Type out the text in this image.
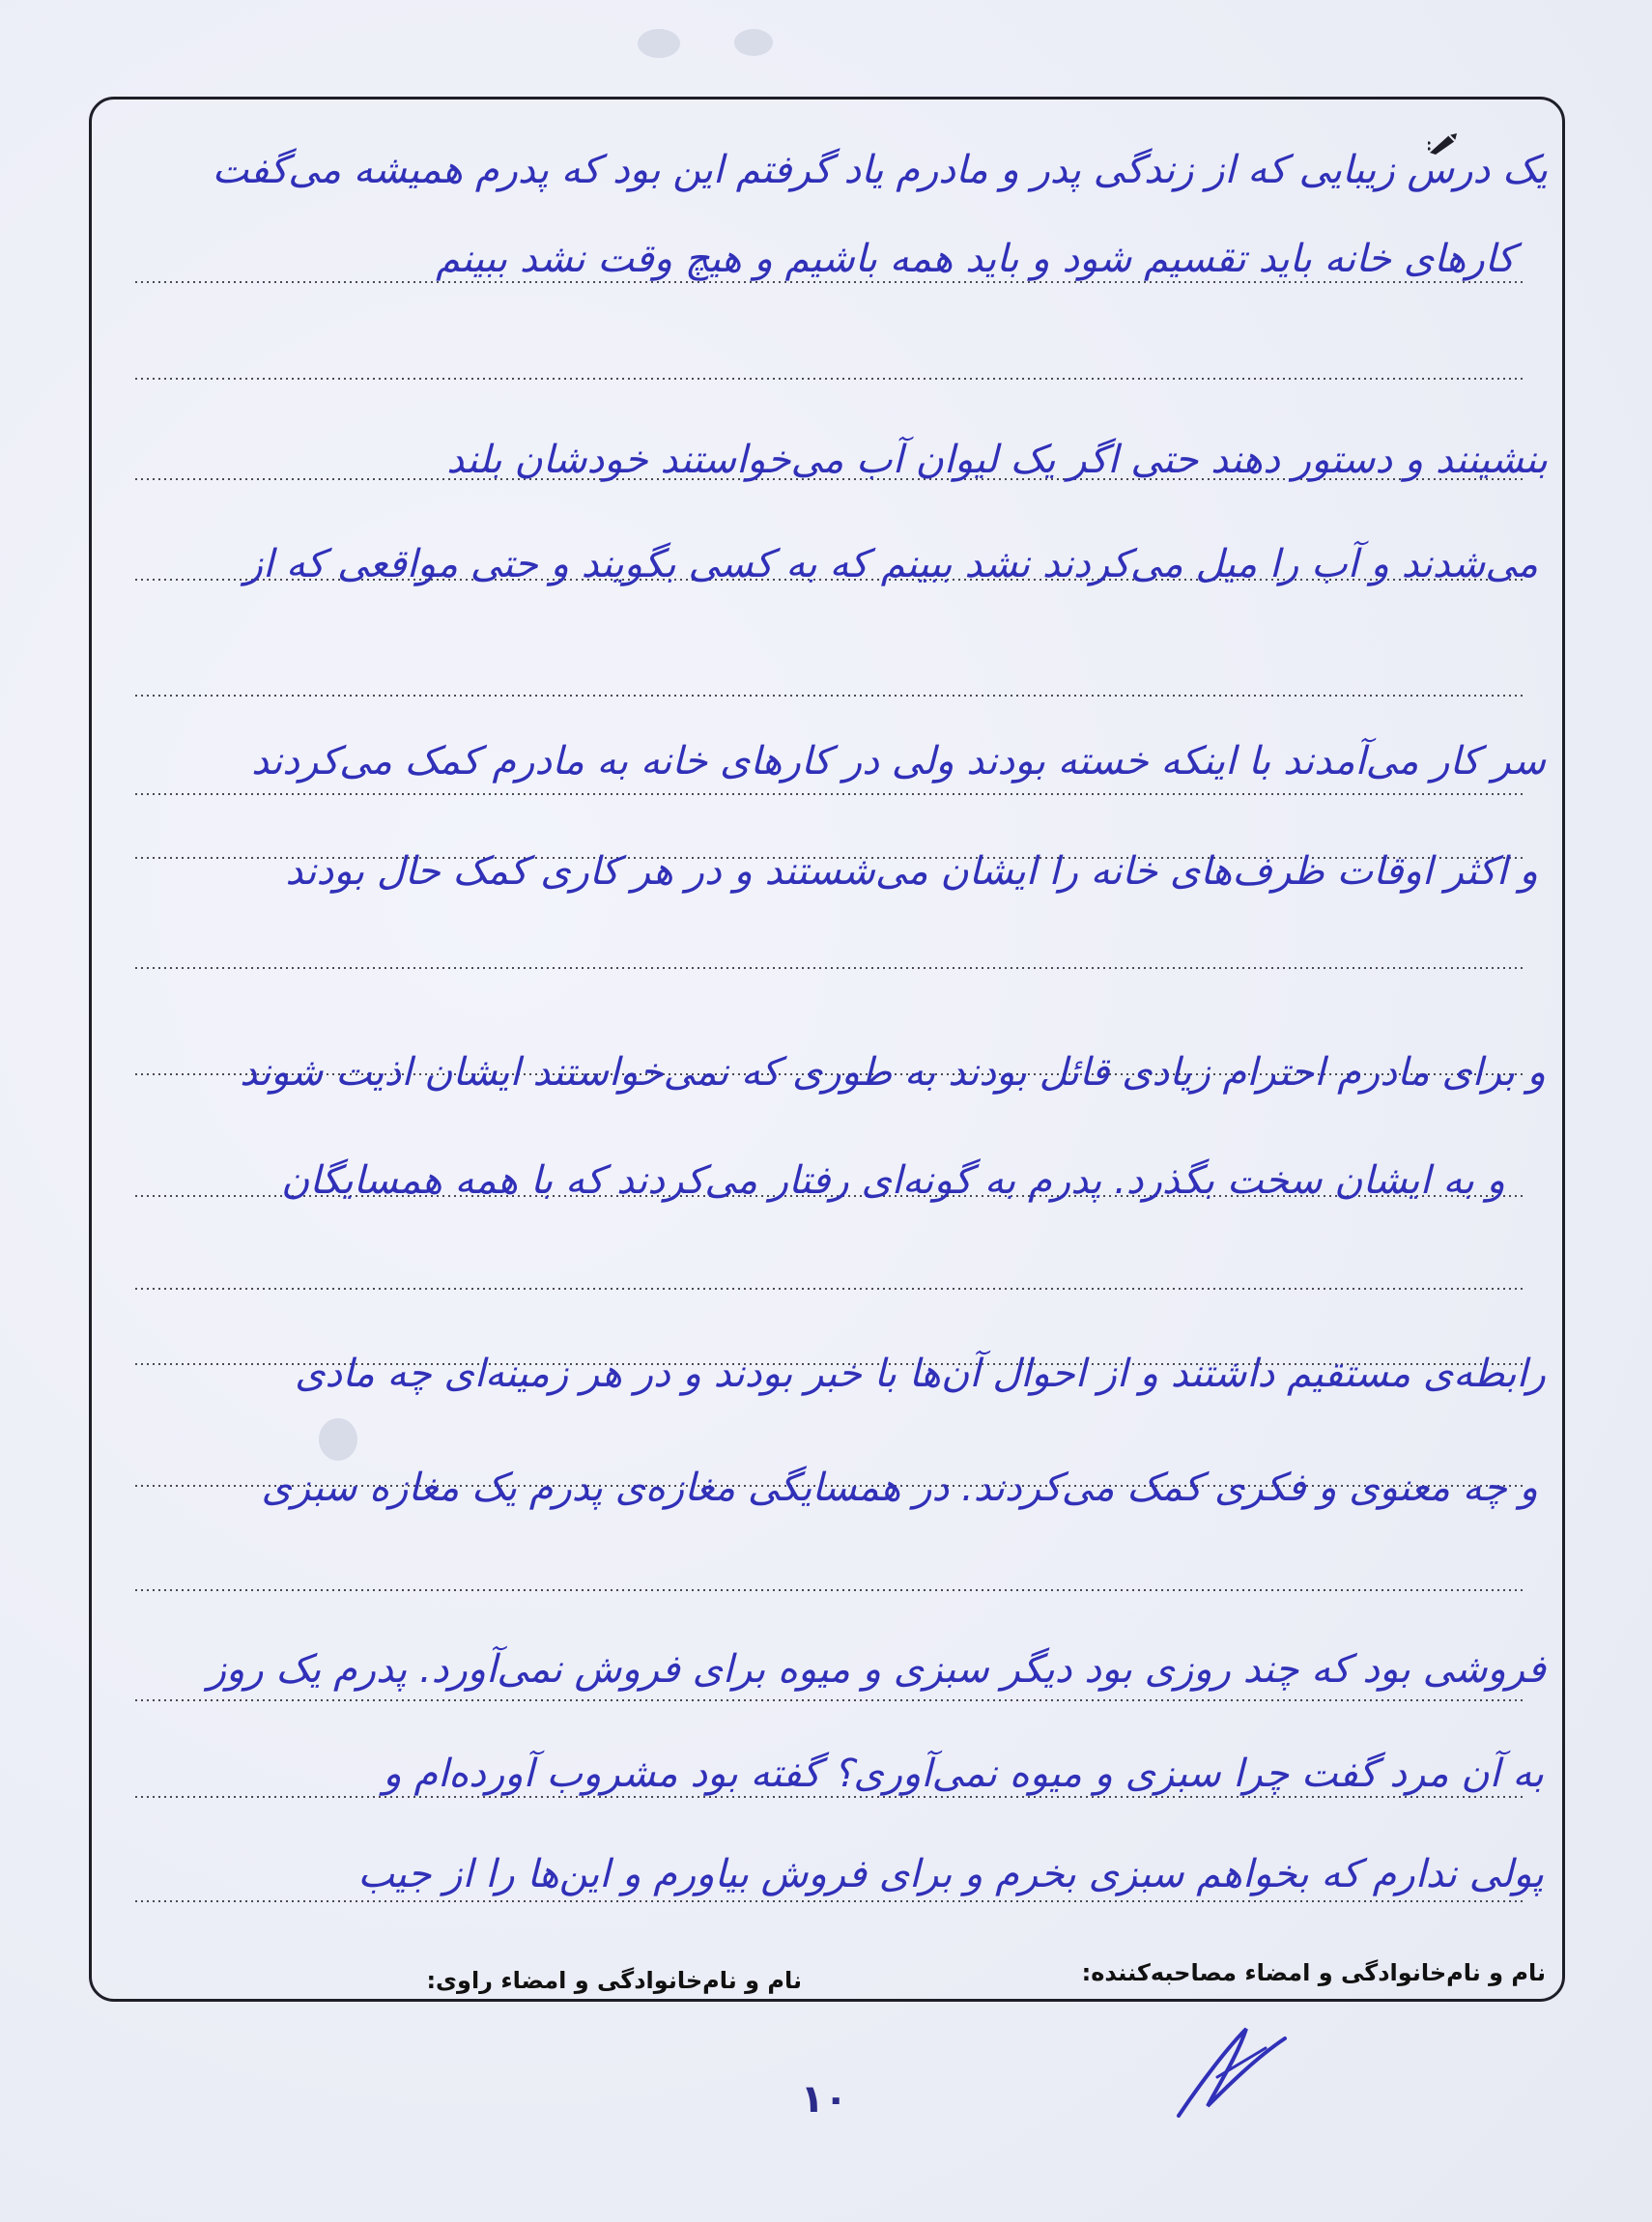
یک درس زیبایی که از زندگی پدر و مادرم یاد گرفتم این بود که پدرم همیشه می‌گفت
کارهای خانه باید تقسیم شود و باید همه باشیم و هیچ وقت نشد ببینم
بنشینند و دستور دهند حتی اگر یک لیوان آب می‌خواستند خودشان بلند
می‌شدند و آب را میل می‌کردند نشد ببینم که به کسی بگویند و حتی مواقعی که از
سر کار می‌آمدند با اینکه خسته بودند ولی در کارهای خانه به مادرم کمک می‌کردند
و اکثر اوقات ظرف‌های خانه را ایشان می‌شستند و در هر کاری کمک حال بودند
و برای مادرم احترام زیادی قائل بودند به طوری که نمی‌خواستند ایشان اذیت شوند
و به ایشان سخت بگذرد. پدرم به گونه‌ای رفتار می‌کردند که با همه همسایگان
رابطه‌ی مستقیم داشتند و از احوال آن‌ها با خبر بودند و در هر زمینه‌ای چه مادی
و چه معنوی و فکری کمک می‌کردند. در همسایگی مغازه‌ی پدرم یک مغازه سبزی
فروشی بود که چند روزی بود دیگر سبزی و میوه برای فروش نمی‌آورد. پدرم یک روز
به آن مرد گفت چرا سبزی و میوه نمی‌آوری؟ گفته بود مشروب آورده‌ام و
پولی ندارم که بخواهم سبزی بخرم و برای فروش بیاورم و این‌ها را از جیب
نام و نام‌خانوادگی و امضاء مصاحبه‌کننده:
نام و نام‌خانوادگی و امضاء راوی:
۱۰
